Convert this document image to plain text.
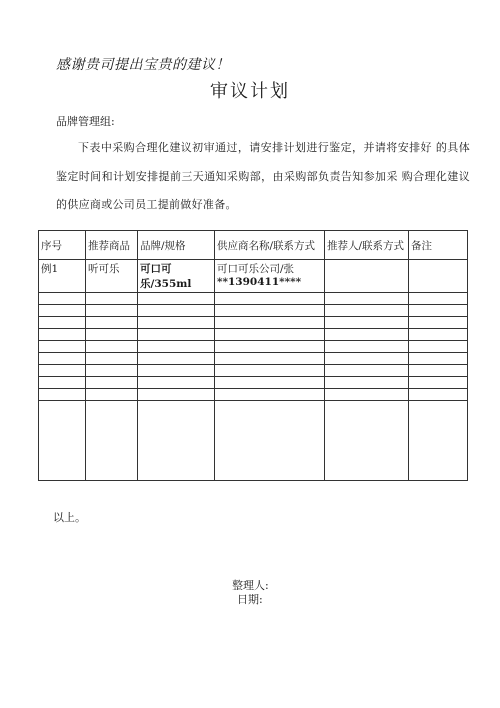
感谢贵司提出宝贵的建议！
审议计划
品牌管理组:
下表中采购合理化建议初审通过，请安排计划进行鉴定，并请将安排好 的具体鉴定时间和计划安排提前三天通知采购部，由采购部负责告知参加采 购合理化建议的供应商或公司员工提前做好准备。
序号	推荐商品	品牌/规格	供应商名称/联系方式	推荐人/联系方式	备注
例1	听可乐	可口可乐/355ml	可口可乐公司/张
**1390411****		

以上。
整理人:
日期:
